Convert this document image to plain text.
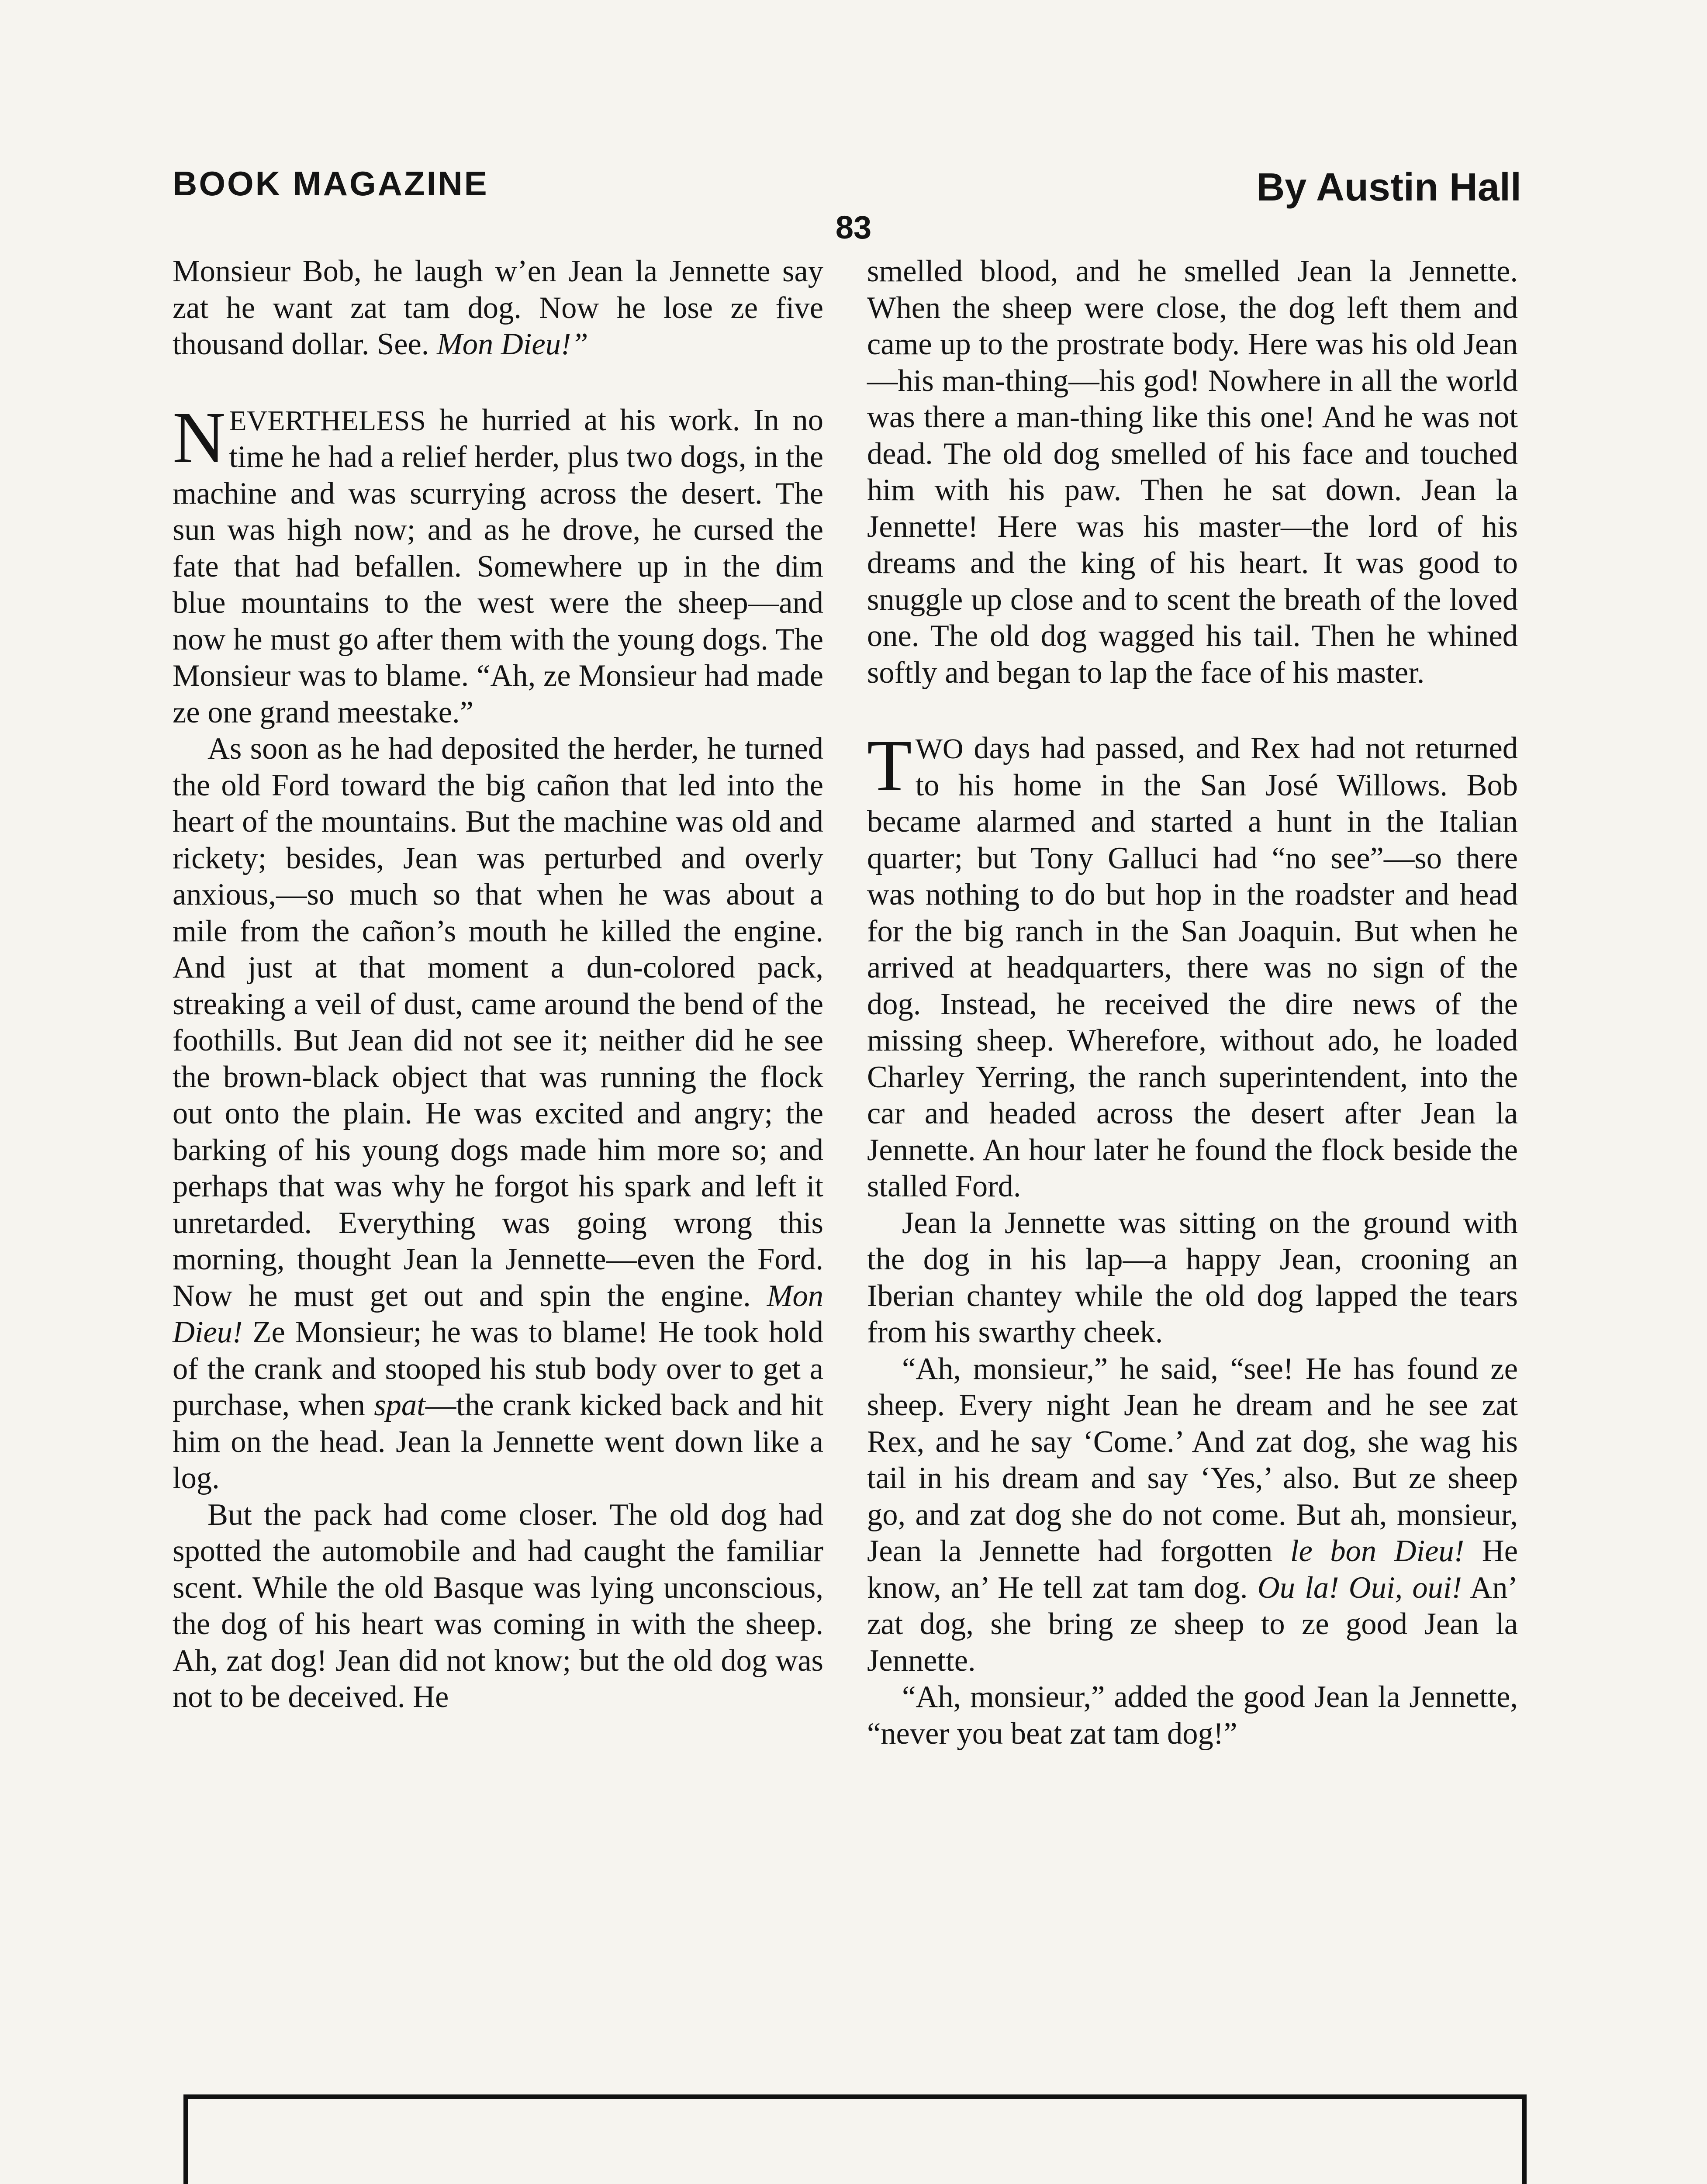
BOOK MAGAZINE	By Austin Hall
83

Monsieur Bob, he laugh w’en Jean la Jennette say zat he want zat tam dog. Now he lose ze five thousand dollar. See. Mon Dieu!”

NEVERTHELESS he hurried at his work. In no time he had a relief herder, plus two dogs, in the machine and was scurrying across the desert. The sun was high now; and as he drove, he cursed the fate that had befallen. Somewhere up in the dim blue mountains to the west were the sheep—and now he must go after them with the young dogs. The Monsieur was to blame. “Ah, ze Monsieur had made ze one grand meestake.”

As soon as he had deposited the herder, he turned the old Ford toward the big cañon that led into the heart of the mountains. But the machine was old and rickety; besides, Jean was perturbed and overly anxious,—so much so that when he was about a mile from the cañon’s mouth he killed the engine. And just at that moment a dun-colored pack, streaking a veil of dust, came around the bend of the foothills. But Jean did not see it; neither did he see the brown-black object that was running the flock out onto the plain. He was excited and angry; the barking of his young dogs made him more so; and perhaps that was why he forgot his spark and left it unretarded. Everything was going wrong this morning, thought Jean la Jennette—even the Ford. Now he must get out and spin the engine. Mon Dieu! Ze Monsieur; he was to blame! He took hold of the crank and stooped his stub body over to get a purchase, when spat—the crank kicked back and hit him on the head. Jean la Jennette went down like a log.

But the pack had come closer. The old dog had spotted the automobile and had caught the familiar scent. While the old Basque was lying unconscious, the dog of his heart was coming in with the sheep. Ah, zat dog! Jean did not know; but the old dog was not to be deceived. He

smelled blood, and he smelled Jean la Jennette. When the sheep were close, the dog left them and came up to the prostrate body. Here was his old Jean—his man-thing—his god! Nowhere in all the world was there a man-thing like this one! And he was not dead. The old dog smelled of his face and touched him with his paw. Then he sat down. Jean la Jennette! Here was his master—the lord of his dreams and the king of his heart. It was good to snuggle up close and to scent the breath of the loved one. The old dog wagged his tail. Then he whined softly and began to lap the face of his master.

TWO days had passed, and Rex had not returned to his home in the San José Willows. Bob became alarmed and started a hunt in the Italian quarter; but Tony Galluci had “no see”—so there was nothing to do but hop in the roadster and head for the big ranch in the San Joaquin. But when he arrived at headquarters, there was no sign of the dog. Instead, he received the dire news of the missing sheep. Wherefore, without ado, he loaded Charley Yerring, the ranch superintendent, into the car and headed across the desert after Jean la Jennette. An hour later he found the flock beside the stalled Ford.

Jean la Jennette was sitting on the ground with the dog in his lap—a happy Jean, crooning an Iberian chantey while the old dog lapped the tears from his swarthy cheek.

“Ah, monsieur,” he said, “see! He has found ze sheep. Every night Jean he dream and he see zat Rex, and he say ‘Come.’ And zat dog, she wag his tail in his dream and say ‘Yes,’ also. But ze sheep go, and zat dog she do not come. But ah, monsieur, Jean la Jennette had forgotten le bon Dieu! He know, an’ He tell zat tam dog. Ou la! Oui, oui! An’ zat dog, she bring ze sheep to ze good Jean la Jennette.

“Ah, monsieur,” added the good Jean la Jennette, “never you beat zat tam dog!”
